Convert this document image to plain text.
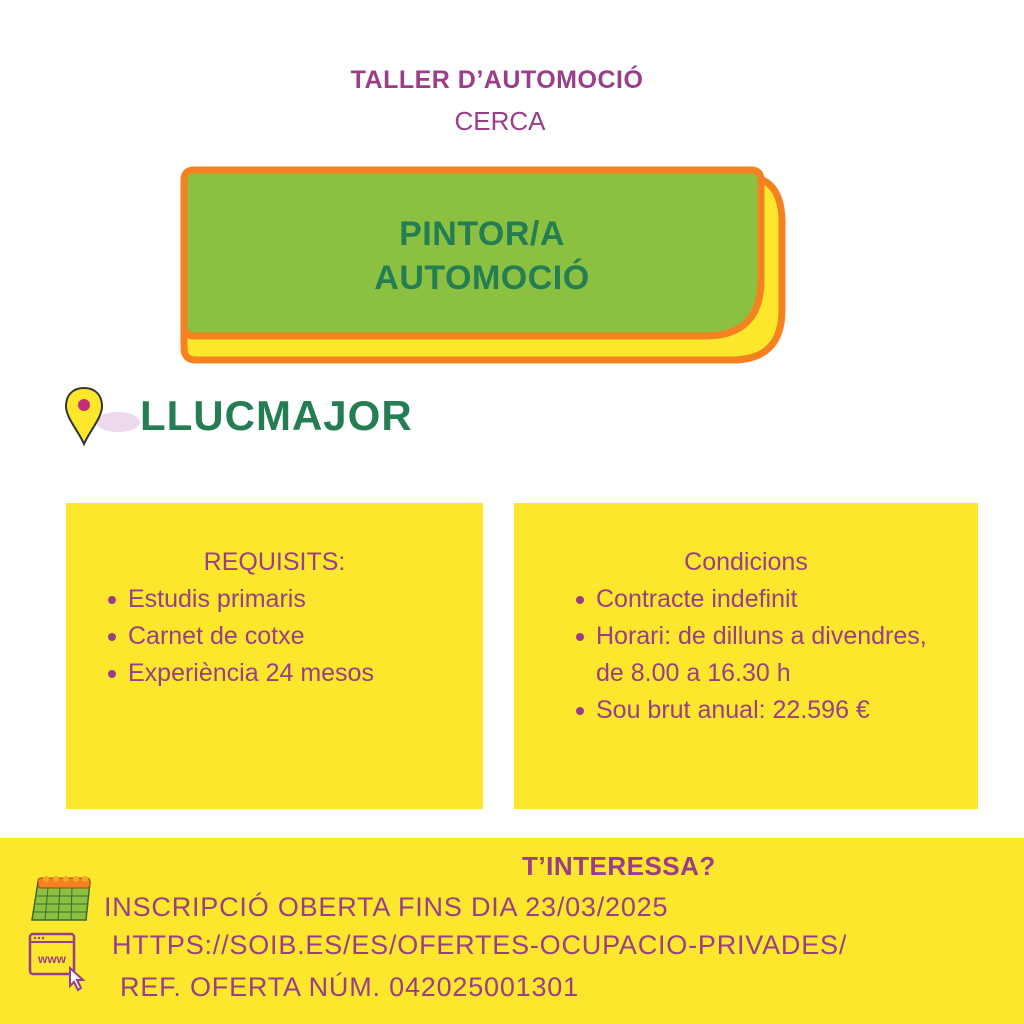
TALLER D’AUTOMOCIÓ
CERCA
PINTOR/A
AUTOMOCIÓ
LLUCMAJOR
REQUISITS:
Estudis primaris
Carnet de cotxe
Experiència 24 mesos
Condicions
Contracte indefinit
Horari: de dilluns a divendres, de 8.00 a 16.30 h
Sou brut anual: 22.596 €
T’INTERESSA?
INSCRIPCIÓ OBERTA FINS DIA 23/03/2025
www HTTPS://SOIB.ES/ES/OFERTES-OCUPACIO-PRIVADES/
REF. OFERTA NÚM. 042025001301
